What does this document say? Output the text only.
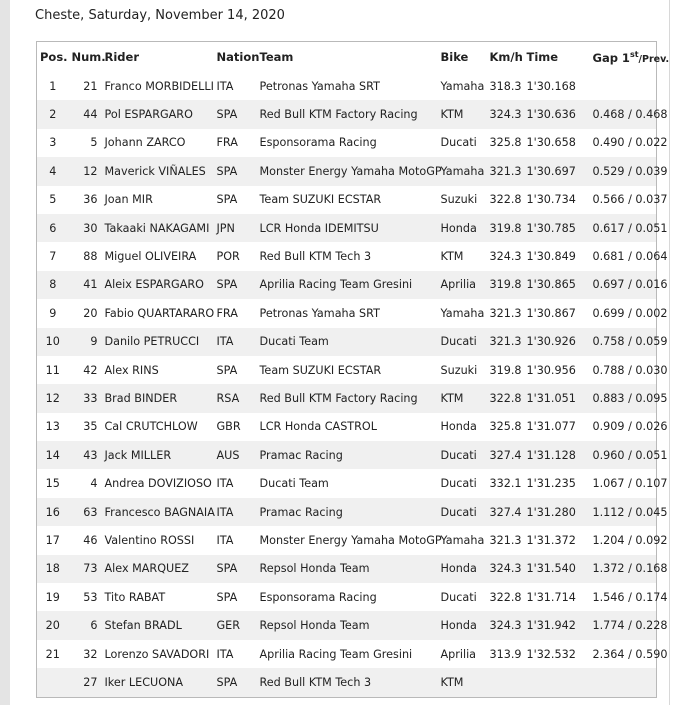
Cheste, Saturday, November 14, 2020
Pos.	Num.	Rider	Nation	Team	Bike	Km/h	Time	Gap 1st/Prev.
1	21	Franco MORBIDELLI	ITA	Petronas Yamaha SRT	Yamaha	318.3	1'30.168	
2	44	Pol ESPARGARO	SPA	Red Bull KTM Factory Racing	KTM	324.3	1'30.636	0.468 / 0.468
3	5	Johann ZARCO	FRA	Esponsorama Racing	Ducati	325.8	1'30.658	0.490 / 0.022
4	12	Maverick VIÑALES	SPA	Monster Energy Yamaha MotoGP	Yamaha	321.3	1'30.697	0.529 / 0.039
5	36	Joan MIR	SPA	Team SUZUKI ECSTAR	Suzuki	322.8	1'30.734	0.566 / 0.037
6	30	Takaaki NAKAGAMI	JPN	LCR Honda IDEMITSU	Honda	319.8	1'30.785	0.617 / 0.051
7	88	Miguel OLIVEIRA	POR	Red Bull KTM Tech 3	KTM	324.3	1'30.849	0.681 / 0.064
8	41	Aleix ESPARGARO	SPA	Aprilia Racing Team Gresini	Aprilia	319.8	1'30.865	0.697 / 0.016
9	20	Fabio QUARTARARO	FRA	Petronas Yamaha SRT	Yamaha	321.3	1'30.867	0.699 / 0.002
10	9	Danilo PETRUCCI	ITA	Ducati Team	Ducati	321.3	1'30.926	0.758 / 0.059
11	42	Alex RINS	SPA	Team SUZUKI ECSTAR	Suzuki	319.8	1'30.956	0.788 / 0.030
12	33	Brad BINDER	RSA	Red Bull KTM Factory Racing	KTM	322.8	1'31.051	0.883 / 0.095
13	35	Cal CRUTCHLOW	GBR	LCR Honda CASTROL	Honda	325.8	1'31.077	0.909 / 0.026
14	43	Jack MILLER	AUS	Pramac Racing	Ducati	327.4	1'31.128	0.960 / 0.051
15	4	Andrea DOVIZIOSO	ITA	Ducati Team	Ducati	332.1	1'31.235	1.067 / 0.107
16	63	Francesco BAGNAIA	ITA	Pramac Racing	Ducati	327.4	1'31.280	1.112 / 0.045
17	46	Valentino ROSSI	ITA	Monster Energy Yamaha MotoGP	Yamaha	321.3	1'31.372	1.204 / 0.092
18	73	Alex MARQUEZ	SPA	Repsol Honda Team	Honda	324.3	1'31.540	1.372 / 0.168
19	53	Tito RABAT	SPA	Esponsorama Racing	Ducati	322.8	1'31.714	1.546 / 0.174
20	6	Stefan BRADL	GER	Repsol Honda Team	Honda	324.3	1'31.942	1.774 / 0.228
21	32	Lorenzo SAVADORI	ITA	Aprilia Racing Team Gresini	Aprilia	313.9	1'32.532	2.364 / 0.590
	27	Iker LECUONA	SPA	Red Bull KTM Tech 3	KTM			
